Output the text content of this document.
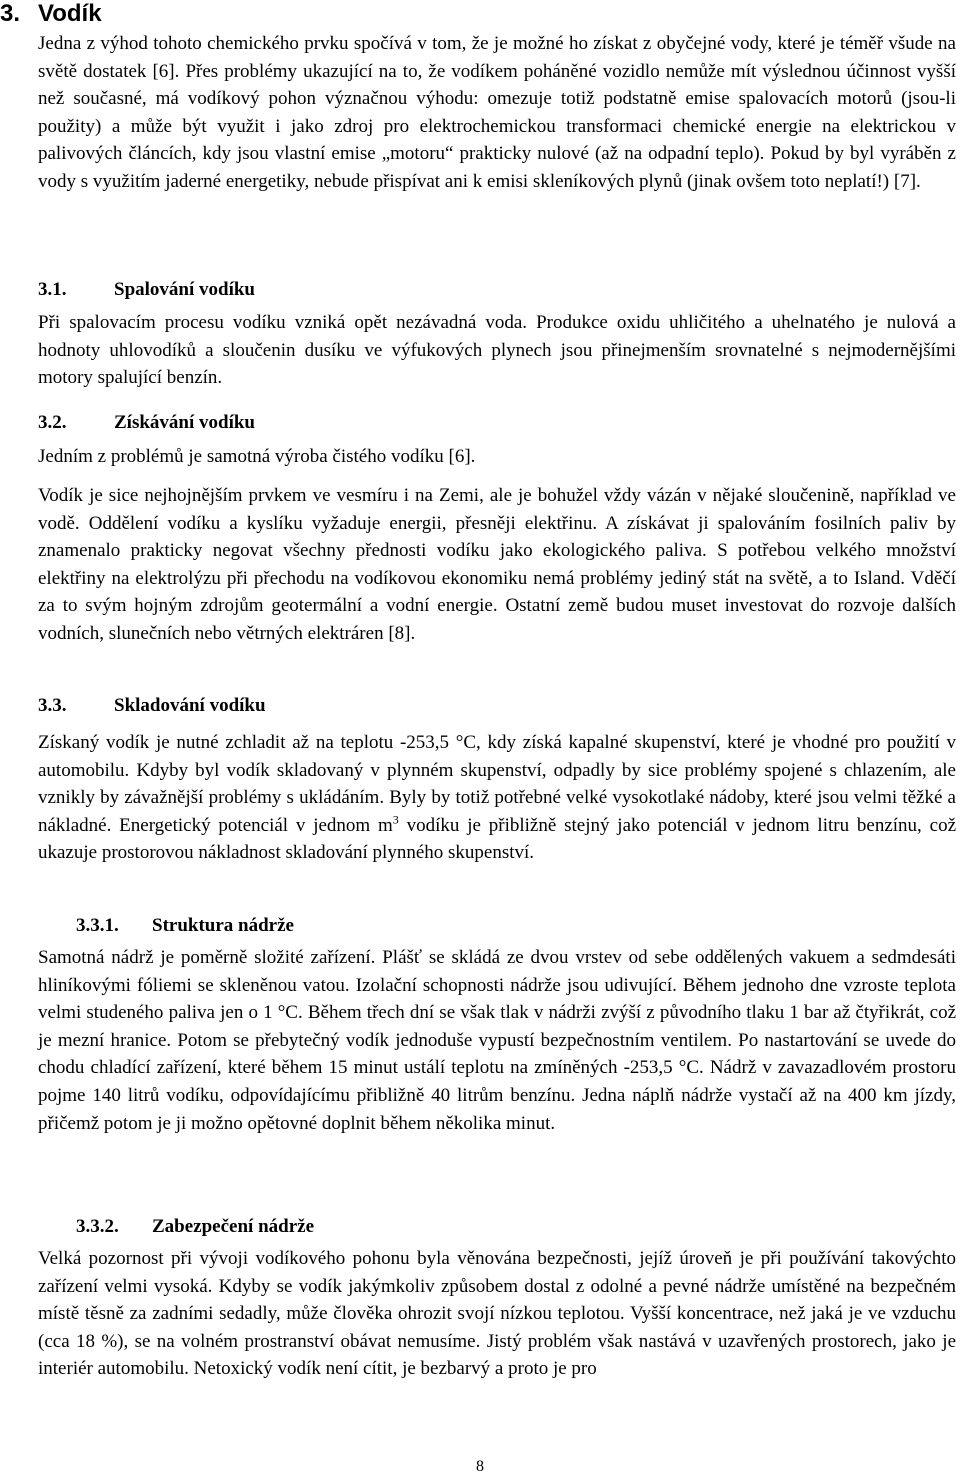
3. Vodík

Jedna z výhod tohoto chemického prvku spočívá v tom, že je možné ho získat z obyčejné vody, které je téměř všude na světě dostatek [6]. Přes problémy ukazující na to, že vodíkem poháněné vozidlo nemůže mít výslednou účinnost vyšší než současné, má vodíkový pohon význačnou výhodu: omezuje totiž podstatně emise spalovacích motorů (jsou-li použity) a může být využit i jako zdroj pro elektrochemickou transformaci chemické energie na elektrickou v palivových článcích, kdy jsou vlastní emise „motoru“ prakticky nulové (až na odpadní teplo). Pokud by byl vyráběn z vody s využitím jaderné energetiky, nebude přispívat ani k emisi skleníkových plynů (jinak ovšem toto neplatí!) [7].

3.1.	Spalování vodíku

Při spalovacím procesu vodíku vzniká opět nezávadná voda. Produkce oxidu uhličitého a uhelnatého je nulová a hodnoty uhlovodíků a sloučenin dusíku ve výfukových plynech jsou přinejmenším srovnatelné s nejmodernějšími motory spalující benzín.

3.2.	Získávání vodíku

Jedním z problémů je samotná výroba čistého vodíku [6].

Vodík je sice nejhojnějším prvkem ve vesmíru i na Zemi, ale je bohužel vždy vázán v nějaké sloučenině, například ve vodě. Oddělení vodíku a kyslíku vyžaduje energii, přesněji elektřinu. A získávat ji spalováním fosilních paliv by znamenalo prakticky negovat všechny přednosti vodíku jako ekologického paliva. S potřebou velkého množství elektřiny na elektrolýzu při přechodu na vodíkovou ekonomiku nemá problémy jediný stát na světě, a to Island. Vděčí za to svým hojným zdrojům geotermální a vodní energie. Ostatní země budou muset investovat do rozvoje dalších vodních, slunečních nebo větrných elektráren [8].

3.3.	Skladování vodíku

Získaný vodík je nutné zchladit až na teplotu -253,5 °C, kdy získá kapalné skupenství, které je vhodné pro použití v automobilu. Kdyby byl vodík skladovaný v plynném skupenství, odpadly by sice problémy spojené s chlazením, ale vznikly by závažnější problémy s ukládáním. Byly by totiž potřebné velké vysokotlaké nádoby, které jsou velmi těžké a nákladné. Energetický potenciál v jednom $m^3$ vodíku je přibližně stejný jako potenciál v jednom litru benzínu, což ukazuje prostorovou nákladnost skladování plynného skupenství.

3.3.1. Struktura nádrže

Samotná nádrž je poměrně složité zařízení. Plášť se skládá ze dvou vrstev od sebe oddělených vakuem a sedmdesáti hliníkovými fóliemi se skleněnou vatou. Izolační schopnosti nádrže jsou udivující. Během jednoho dne vzroste teplota velmi studeného paliva jen o 1 °C. Během třech dní se však tlak v nádrži zvýší z původního tlaku 1 bar až čtyřikrát, což je mezní hranice. Potom se přebytečný vodík jednoduše vypustí bezpečnostním ventilem. Po nastartování se uvede do chodu chladící zařízení, které během 15 minut ustálí teplotu na zmíněných -253,5 °C. Nádrž v zavazadlovém prostoru pojme 140 litrů vodíku, odpovídajícímu přibližně 40 litrům benzínu. Jedna náplň nádrže vystačí až na 400 km jízdy, přičemž potom je ji možno opětovné doplnit během několika minut.

3.3.2. Zabezpečení nádrže

Velká pozornost při vývoji vodíkového pohonu byla věnována bezpečnosti, jejíž úroveň je při používání takovýchto zařízení velmi vysoká. Kdyby se vodík jakýmkoliv způsobem dostal z odolné a pevné nádrže umístěné na bezpečném místě těsně za zadními sedadly, může člověka ohrozit svojí nízkou teplotou. Vyšší koncentrace, než jaká je ve vzduchu (cca 18 %), se na volném prostranství obávat nemusíme. Jistý problém však nastává v uzavřených prostorech, jako je interiér automobilu. Netoxický vodík není cítit, je bezbarvý a proto je pro

8
